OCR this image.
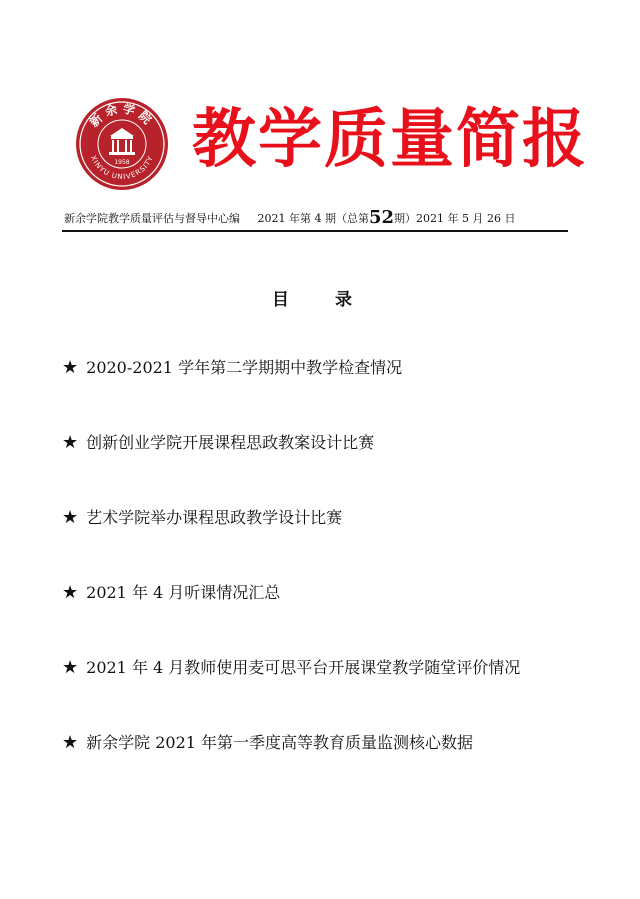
新余学院
XINYU UNIVERSITY
1958 教学质量简报
新余学院教学质量评估与督导中心编 2021 年第 4 期（总第52期）2021 年 5 月 26 日
目录
★ 2020-2021 学年第二学期期中教学检查情况
★ 创新创业学院开展课程思政教案设计比赛
★ 艺术学院举办课程思政教学设计比赛
★ 2021 年 4 月听课情况汇总
★ 2021 年 4 月教师使用麦可思平台开展课堂教学随堂评价情况
★ 新余学院 2021 年第一季度高等教育质量监测核心数据
